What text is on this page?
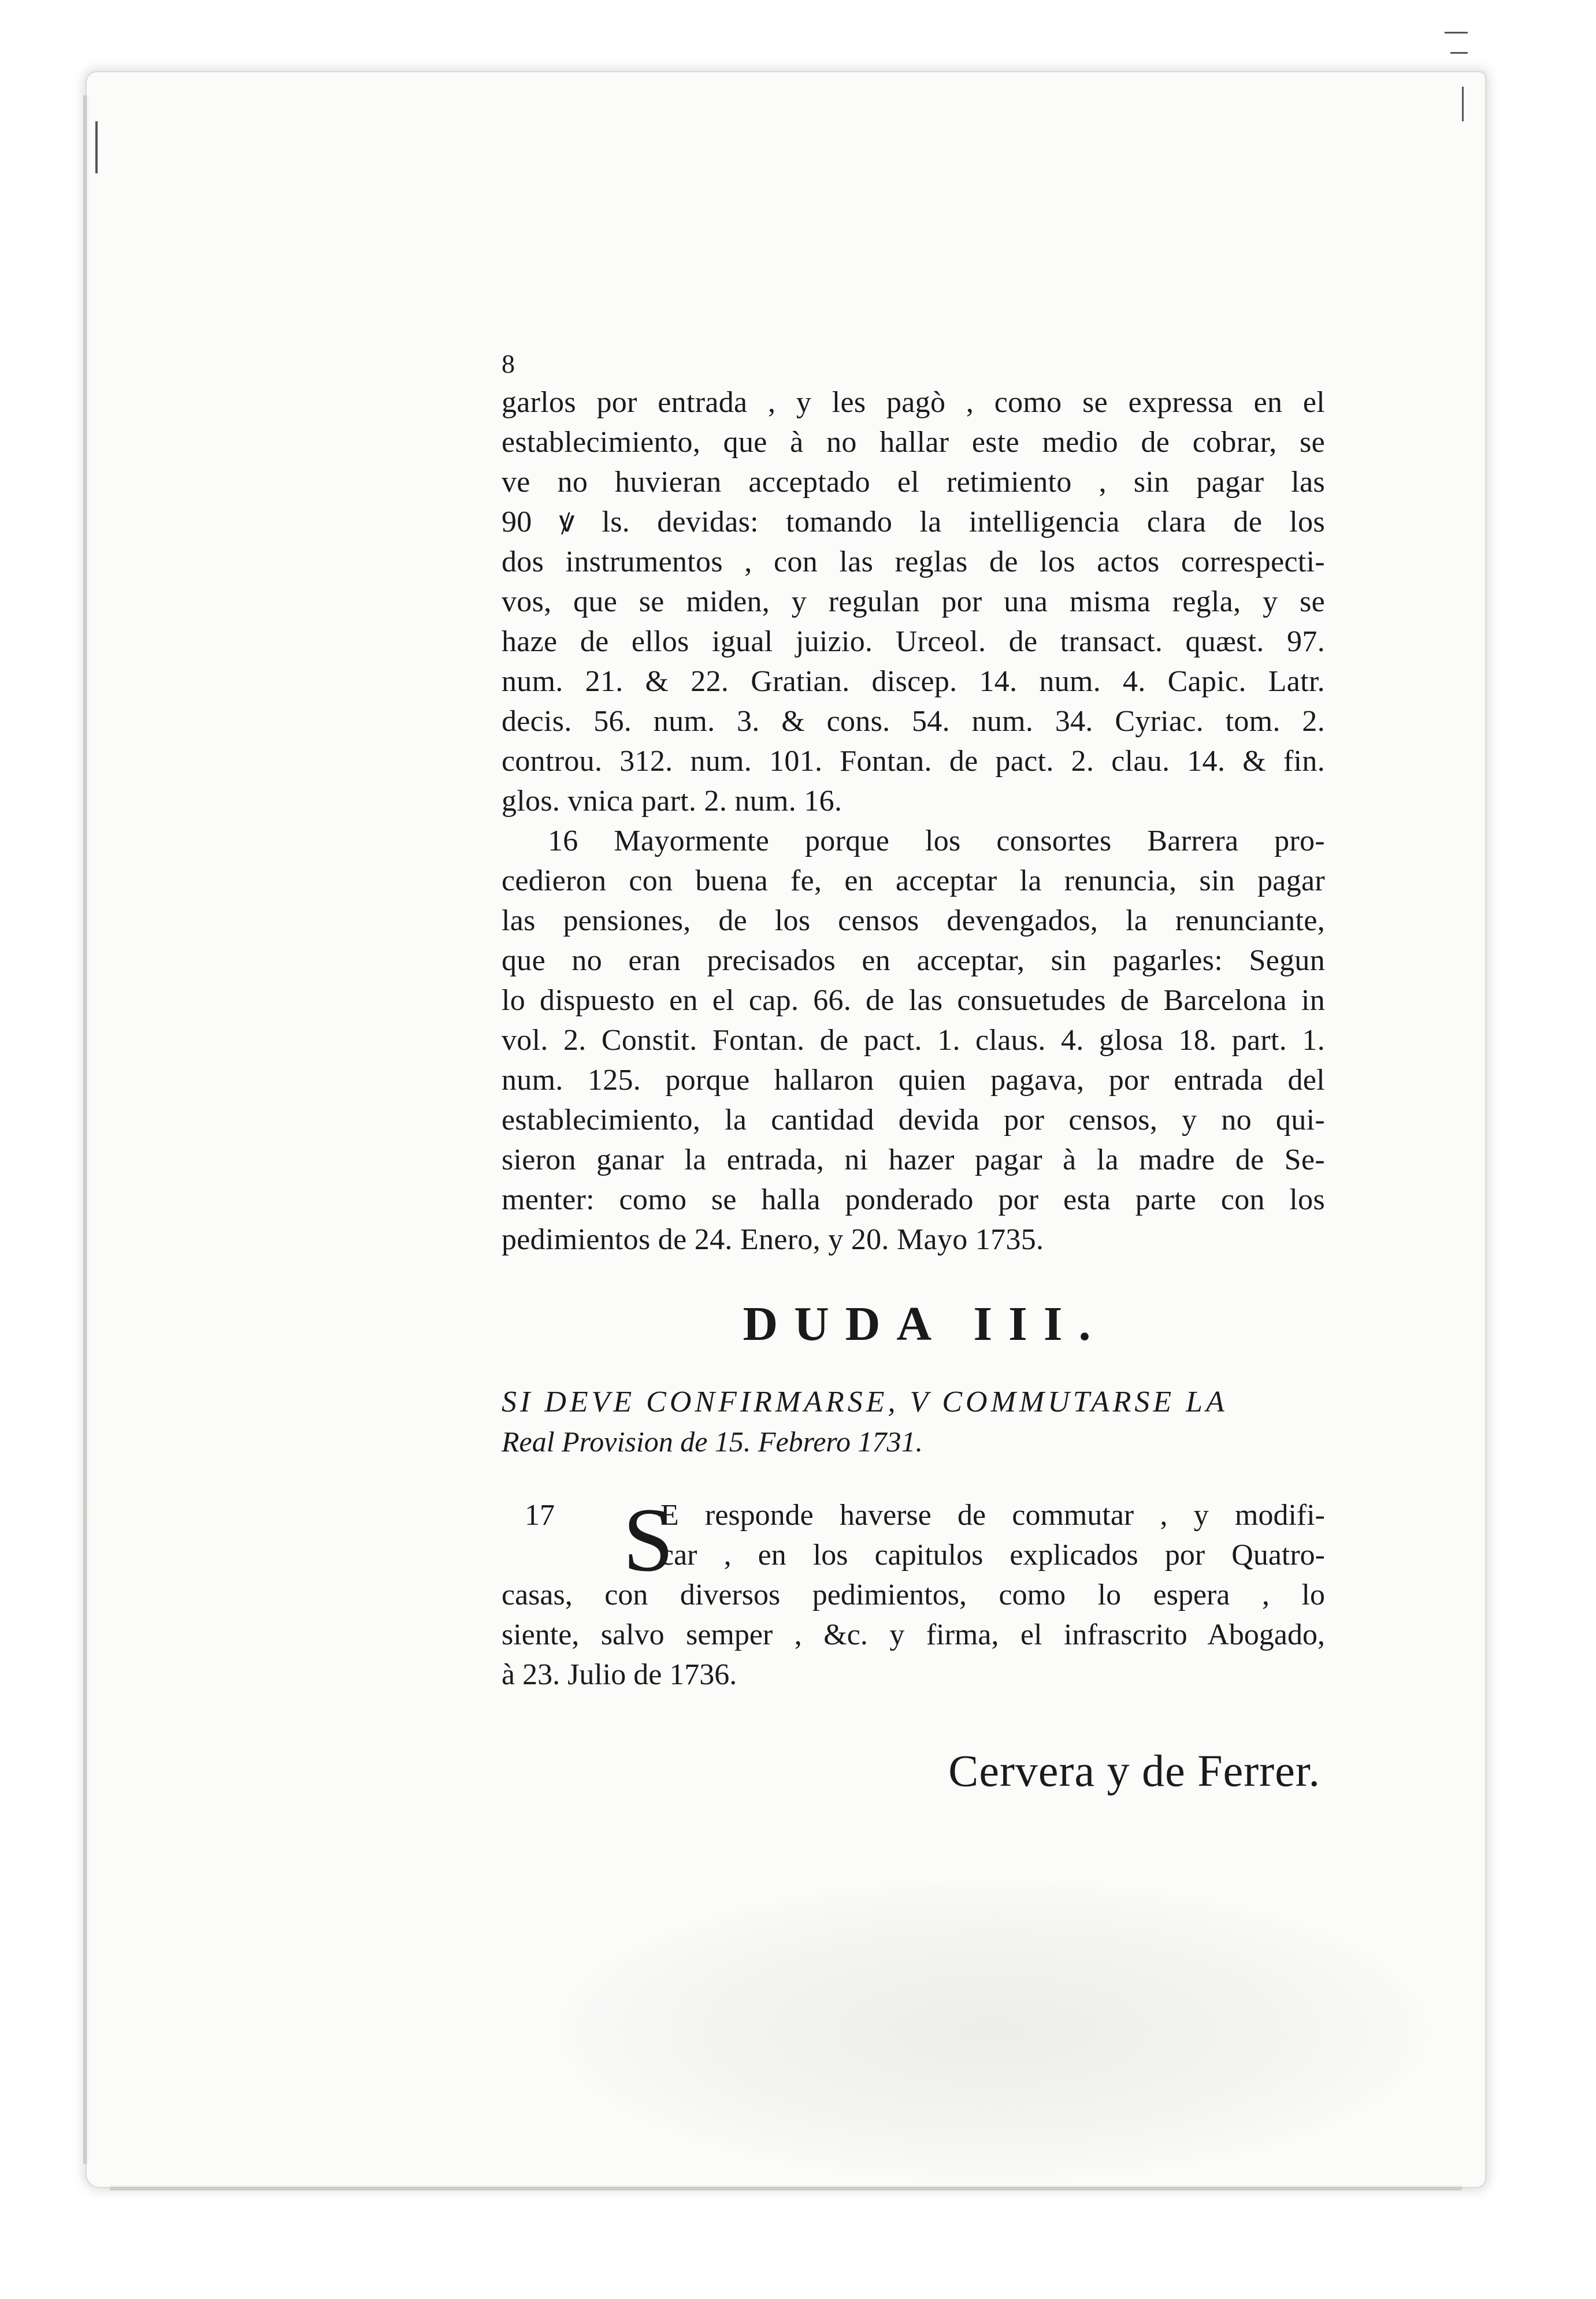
8
garlos por entrada , y les pagò , como se expressa en el
establecimiento, que à no hallar este medio de cobrar, se
ve no huvieran acceptado el retimiento , sin pagar las
90 ꝟ ls. devidas: tomando la intelligencia clara de los
dos instrumentos , con las reglas de los actos correspecti-
vos, que se miden, y regulan por una misma regla, y se
haze de ellos igual juizio. Urceol. de transact. quæst. 97.
num. 21. & 22. Gratian. discep. 14. num. 4. Capic. Latr.
decis. 56. num. 3. & cons. 54. num. 34. Cyriac. tom. 2.
controu. 312. num. 101. Fontan. de pact. 2. clau. 14. & fin.
glos. vnica part. 2. num. 16.
16 Mayormente porque los consortes Barrera pro-
cedieron con buena fe, en acceptar la renuncia, sin pagar
las pensiones, de los censos devengados, la renunciante,
que no eran precisados en acceptar, sin pagarles: Segun
lo dispuesto en el cap. 66. de las consuetudes de Barcelona in
vol. 2. Constit. Fontan. de pact. 1. claus. 4. glosa 18. part. 1.
num. 125. porque hallaron quien pagava, por entrada del
establecimiento, la cantidad devida por censos, y no qui-
sieron ganar la entrada, ni hazer pagar à la madre de Se-
menter: como se halla ponderado por esta parte con los
pedimientos de 24. Enero, y 20. Mayo 1735.
DUDA III.
SI DEVE CONFIRMARSE, V COMMUTARSE LA
Real Provision de 15. Febrero 1731.
17 S
E responde haverse de commutar , y modifi-
car , en los capitulos explicados por Quatro-
casas, con diversos pedimientos, como lo espera , lo
siente, salvo semper , &c. y firma, el infrascrito Abogado,
à 23. Julio de 1736.
Cervera y de Ferrer.
